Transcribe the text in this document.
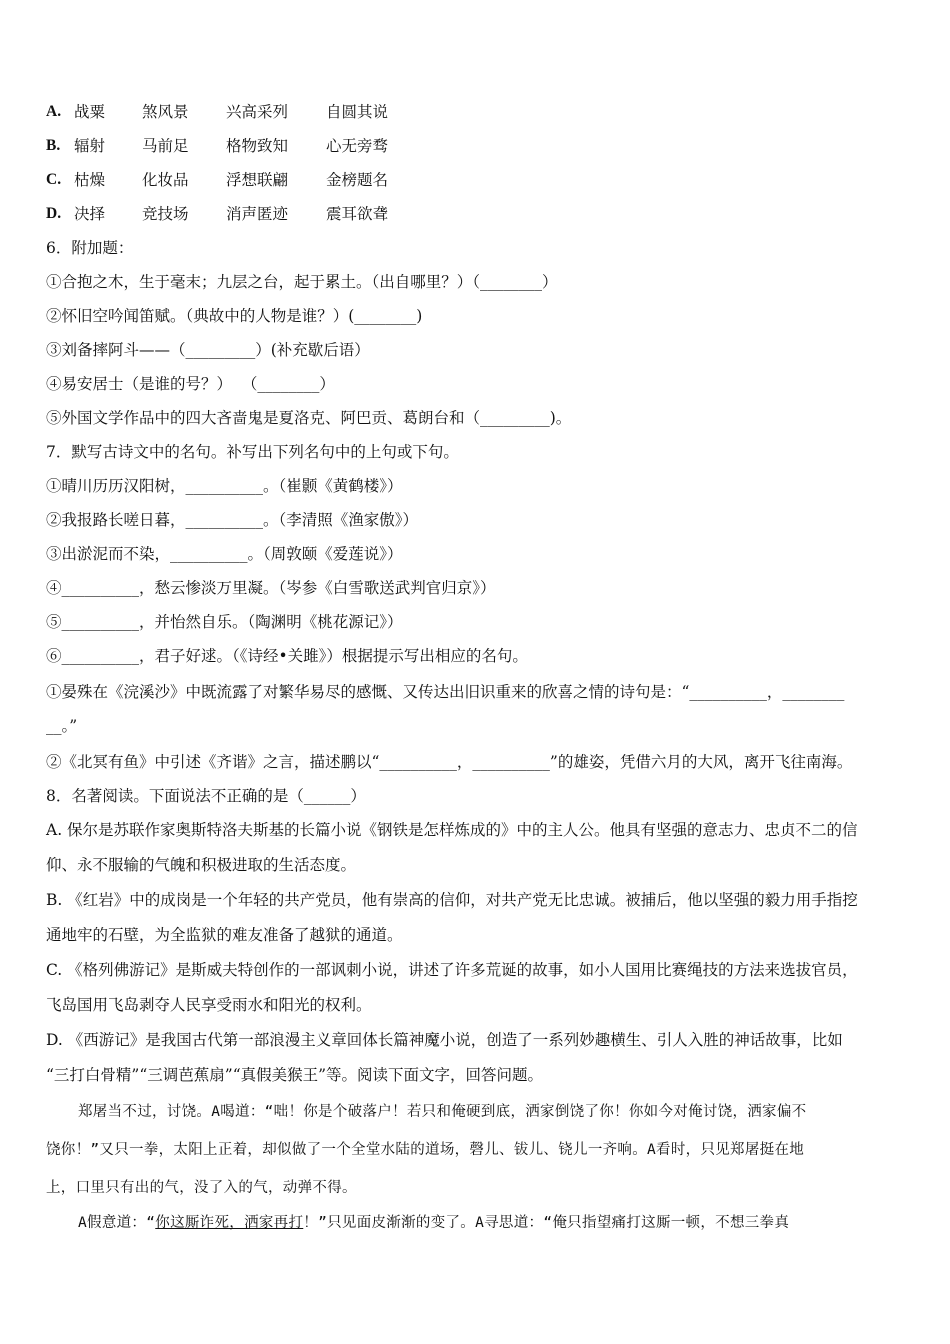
A. 战粟 煞风景 兴高采列 自圆其说
B. 辐射 马前足 格物致知 心无旁骛
C. 枯燥 化妆品 浮想联翩 金榜题名
D. 决择 竞技场 消声匿迹 震耳欲聋
6．附加题：
①合抱之木，生于毫末；九层之台，起于累土。（出自哪里？）（________）
②怀旧空吟闻笛赋。（典故中的人物是谁？）(________)
③刘备摔阿斗——（_________）(补充歇后语）
④易安居士（是谁的号？）  （________）
⑤外国文学作品中的四大吝啬鬼是夏洛克、阿巴贡、葛朗台和（_________)。
7．默写古诗文中的名句。补写出下列名句中的上句或下句。
①晴川历历汉阳树，__________。（崔颢《黄鹤楼》）
②我报路长嗟日暮，__________。（李清照《渔家傲》）
③出淤泥而不染，__________。（周敦颐《爱莲说》）
④__________，愁云惨淡万里凝。（岑参《白雪歌送武判官归京》）
⑤__________，并怡然自乐。（陶渊明《桃花源记》）
⑥__________，君子好逑。（《诗经•关雎》）根据提示写出相应的名句。
①晏殊在《浣溪沙》中既流露了对繁华易尽的感慨、又传达出旧识重来的欣喜之情的诗句是：“__________，________
__。”
②《北冥有鱼》中引述《齐谐》之言，描述鹏以“__________，__________”的雄姿，凭借六月的大风，离开飞往南海。
8．名著阅读。下面说法不正确的是（______）
A. 保尔是苏联作家奥斯特洛夫斯基的长篇小说《钢铁是怎样炼成的》中的主人公。他具有坚强的意志力、忠贞不二的信
仰、永不服输的气魄和积极进取的生活态度。
B. 《红岩》中的成岗是一个年轻的共产党员，他有崇高的信仰，对共产党无比忠诚。被捕后，他以坚强的毅力用手指挖
通地牢的石壁，为全监狱的难友准备了越狱的通道。
C. 《格列佛游记》是斯威夫特创作的一部讽刺小说，讲述了许多荒诞的故事，如小人国用比赛绳技的方法来选拔官员，
飞岛国用飞岛剥夺人民享受雨水和阳光的权利。
D. 《西游记》是我国古代第一部浪漫主义章回体长篇神魔小说，创造了一系列妙趣横生、引人入胜的神话故事，比如
“三打白骨精”“三调芭蕉扇”“真假美猴王”等。阅读下面文字，回答问题。
郑屠当不过，讨饶。A喝道：“咄！你是个破落户！若只和俺硬到底，洒家倒饶了你！你如今对俺讨饶，洒家偏不
饶你！”又只一拳，太阳上正着，却似做了一个全堂水陆的道场，磬儿、钹儿、铙儿一齐响。A看时，只见郑屠挺在地
上，口里只有出的气，没了入的气，动弹不得。
A假意道：“你这厮诈死，洒家再打！”只见面皮渐渐的变了。A寻思道：“俺只指望痛打这厮一顿，不想三拳真
